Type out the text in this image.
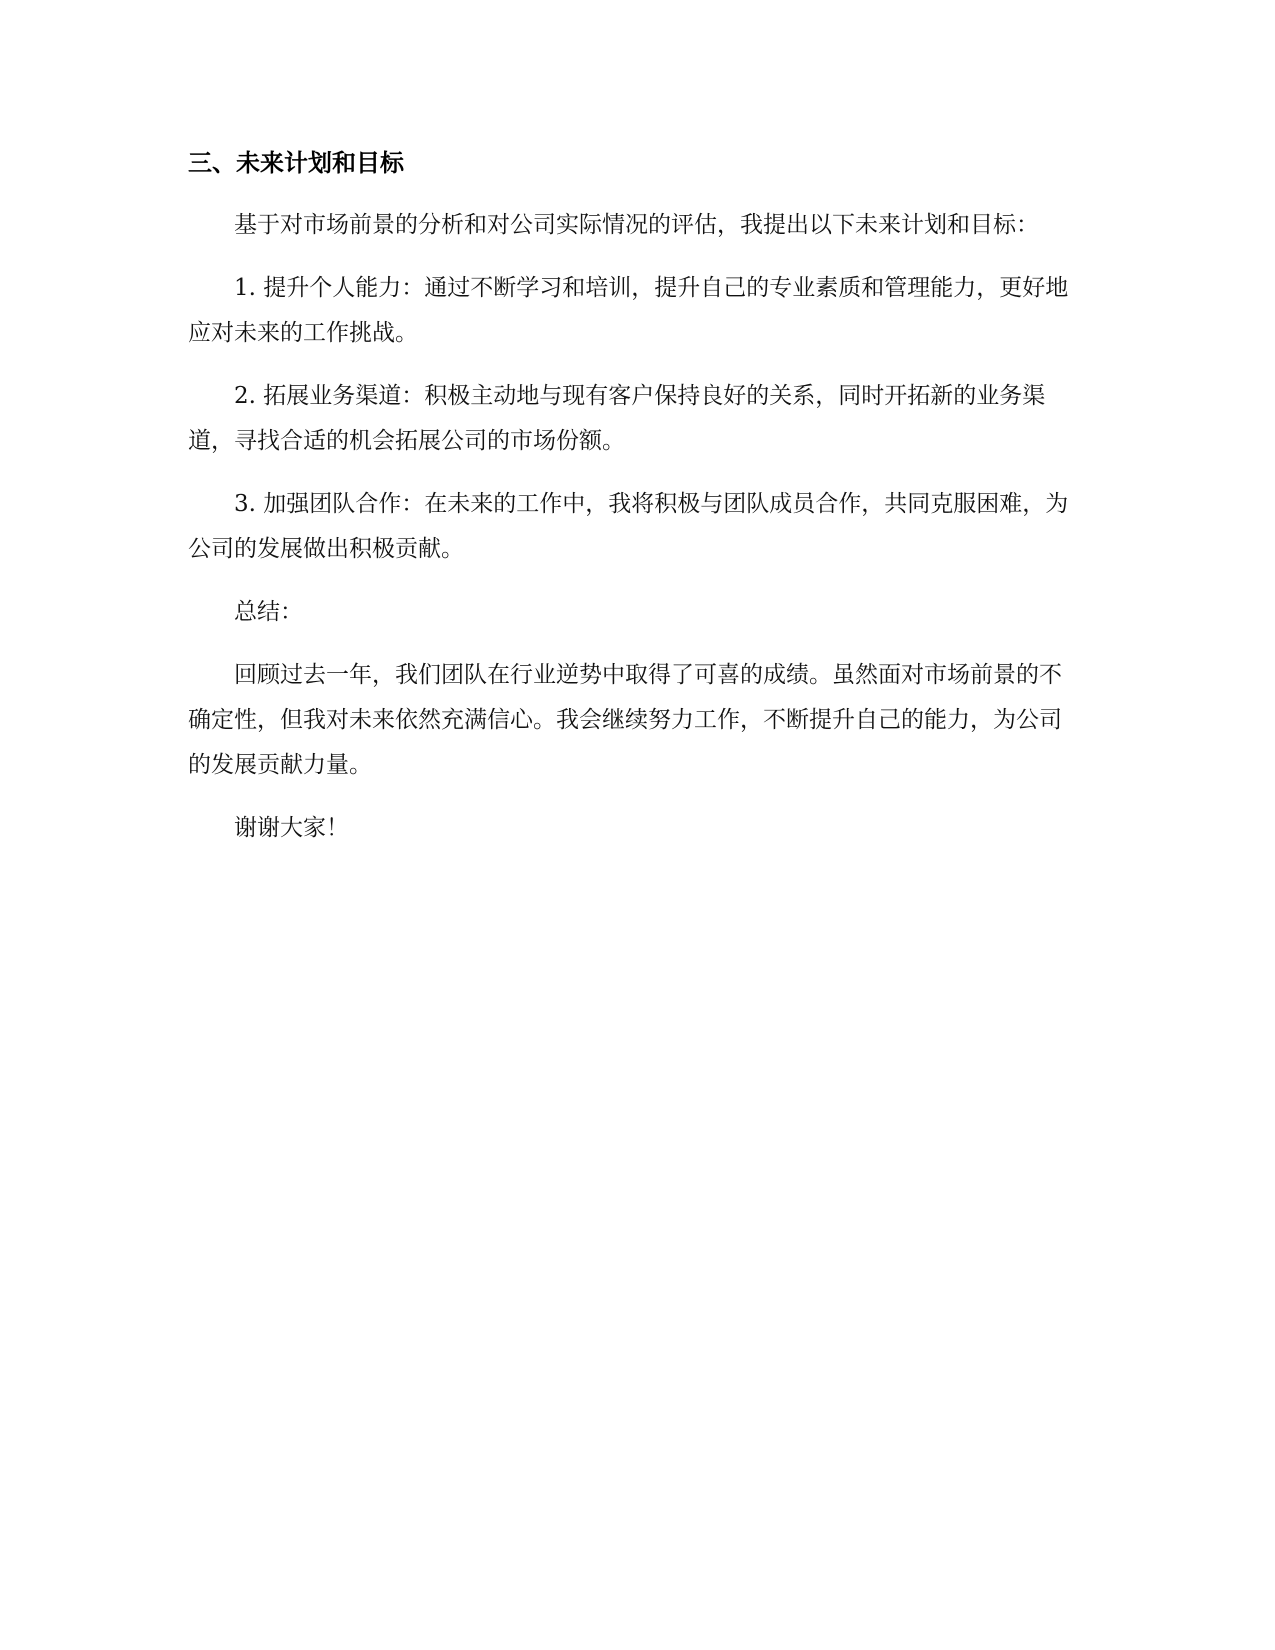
三、未来计划和目标

基于对市场前景的分析和对公司实际情况的评估，我提出以下未来计划和目标：

1. 提升个人能力：通过不断学习和培训，提升自己的专业素质和管理能力，更好地应对未来的工作挑战。

2. 拓展业务渠道：积极主动地与现有客户保持良好的关系，同时开拓新的业务渠道，寻找合适的机会拓展公司的市场份额。

3. 加强团队合作：在未来的工作中，我将积极与团队成员合作，共同克服困难，为公司的发展做出积极贡献。

总结：

回顾过去一年，我们团队在行业逆势中取得了可喜的成绩。虽然面对市场前景的不确定性，但我对未来依然充满信心。我会继续努力工作，不断提升自己的能力，为公司的发展贡献力量。

谢谢大家！
